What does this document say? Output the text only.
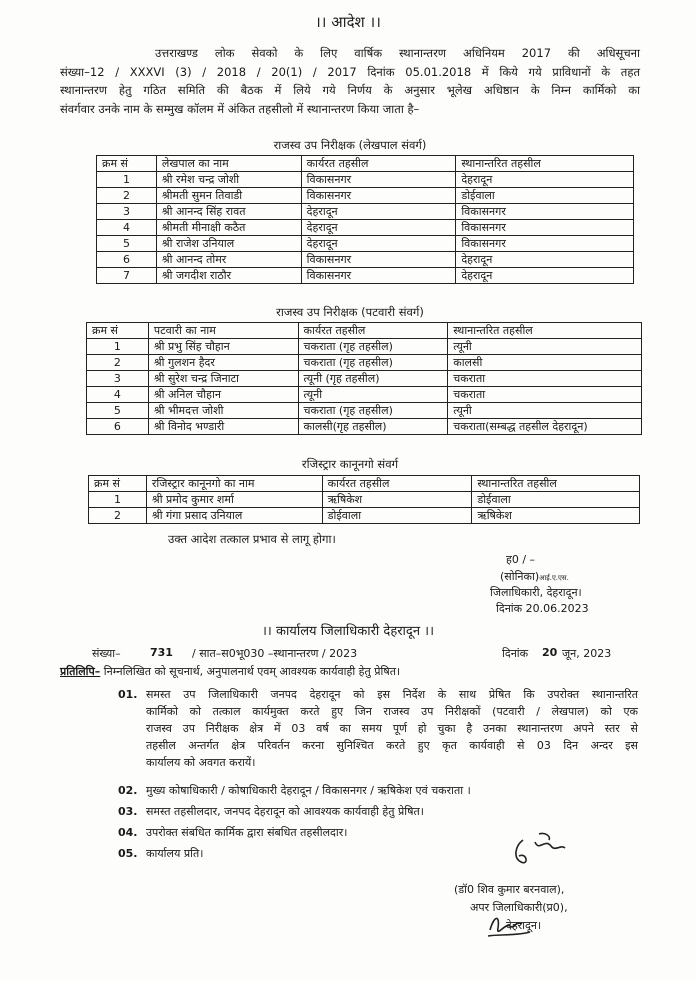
।। आदेश ।।
उत्तराखण्ड लोक सेवको के लिए वार्षिक स्थानान्तरण अधिनियम 2017 की अधिसूचना
संख्या–12 / XXXVI (3) / 2018 / 20(1) / 2017 दिनांक 05.01.2018 में किये गये प्राविधानों के तहत
स्थानान्तरण हेतु गठित समिति की बैठक में लिये गये निर्णय के अनुसार भूलेख अधिष्ठान के निम्न कार्मिको का
संवर्गवार उनके नाम के सम्मुख कॉलम में अंकित तहसीलो में स्थानान्तरण किया जाता है–
राजस्व उप निरीक्षक (लेखपाल संवर्ग)
क्रम सं	लेखपाल का नाम	कार्यरत तहसील	स्थानान्तरित तहसील
1	श्री रमेश चन्द्र जोशी	विकासनगर	देहरादून
2	श्रीमती सुमन तिवाडी	विकासनगर	डोईवाला
3	श्री आनन्द सिंह रावत	देहरादून	विकासनगर
4	श्रीमती मीनाक्षी कठैत	देहरादून	विकासनगर
5	श्री राजेश उनियाल	देहरादून	विकासनगर
6	श्री आनन्द तोमर	विकासनगर	देहरादून
7	श्री जगदीश राठौर	विकासनगर	देहरादून
राजस्व उप निरीक्षक (पटवारी संवर्ग)
क्रम सं	पटवारी का नाम	कार्यरत तहसील	स्थानान्तरित तहसील
1	श्री प्रभु सिंह चौहान	चकराता (गृह तहसील)	त्यूनी
2	श्री गुलशन हैदर	चकराता (गृह तहसील)	कालसी
3	श्री सुरेश चन्द्र जिनाटा	त्यूनी (गृह तहसील)	चकराता
4	श्री अनिल चौहान	त्यूनी	चकराता
5	श्री भीमदत्त जोशी	चकराता (गृह तहसील)	त्यूनी
6	श्री विनोद भण्डारी	कालसी(गृह तहसील)	चकराता(सम्बद्ध तहसील देहरादून)
रजिस्ट्रार कानूनगो संवर्ग
क्रम सं	रजिस्ट्रार कानूनगो का नाम	कार्यरत तहसील	स्थानान्तरित तहसील
1	श्री प्रमोद कुमार शर्मा	ऋषिकेश	डोईवाला
2	श्री गंगा प्रसाद उनियाल	डोईवाला	ऋषिकेश
उक्त आदेश तत्काल प्रभाव से लागू होगा।
ह0 / –
(सोनिका)आई.ए.एस.
जिलाधिकारी, देहरादून।
दिनांक 20.06.2023
।। कार्यालय जिलाधिकारी देहरादून ।।
संख्या–	731 / सात–स0भू030 –स्थानान्तरण / 2023	दिनांक 20 जून, 2023
प्रतिलिपि– निम्नलिखित को सूचनार्थ, अनुपालनार्थ एवम् आवश्यक कार्यवाही हेतु प्रेषित।
01. समस्त उप जिलाधिकारी जनपद देहरादून को इस निर्देश के साथ प्रेषित कि उपरोक्त स्थानान्तरित
कार्मिको को तत्काल कार्यमुक्त करते हुए जिन राजस्व उप निरीक्षकों (पटवारी / लेखपाल) को एक
राजस्व उप निरीक्षक क्षेत्र में 03 वर्ष का समय पूर्ण हो चुका है उनका स्थानान्तरण अपने स्तर से
तहसील अन्तर्गत क्षेत्र परिवर्तन करना सुनिश्चित करते हुए कृत कार्यवाही से 03 दिन अन्दर इस
कार्यालय को अवगत करायें।
02. मुख्य कोषाधिकारी / कोषाधिकारी देहरादून / विकासनगर / ऋषिकेश एवं चकराता ।
03. समस्त तहसीलदार, जनपद देहरादून को आवश्यक कार्यवाही हेतु प्रेषित।
04. उपरोक्त संबधित कार्मिक द्वारा संबधित तहसीलदार।
05. कार्यालय प्रति।
(डॉ0 शिव कुमार बरनवाल),
अपर जिलाधिकारी(प्र0),
देहरादून।
